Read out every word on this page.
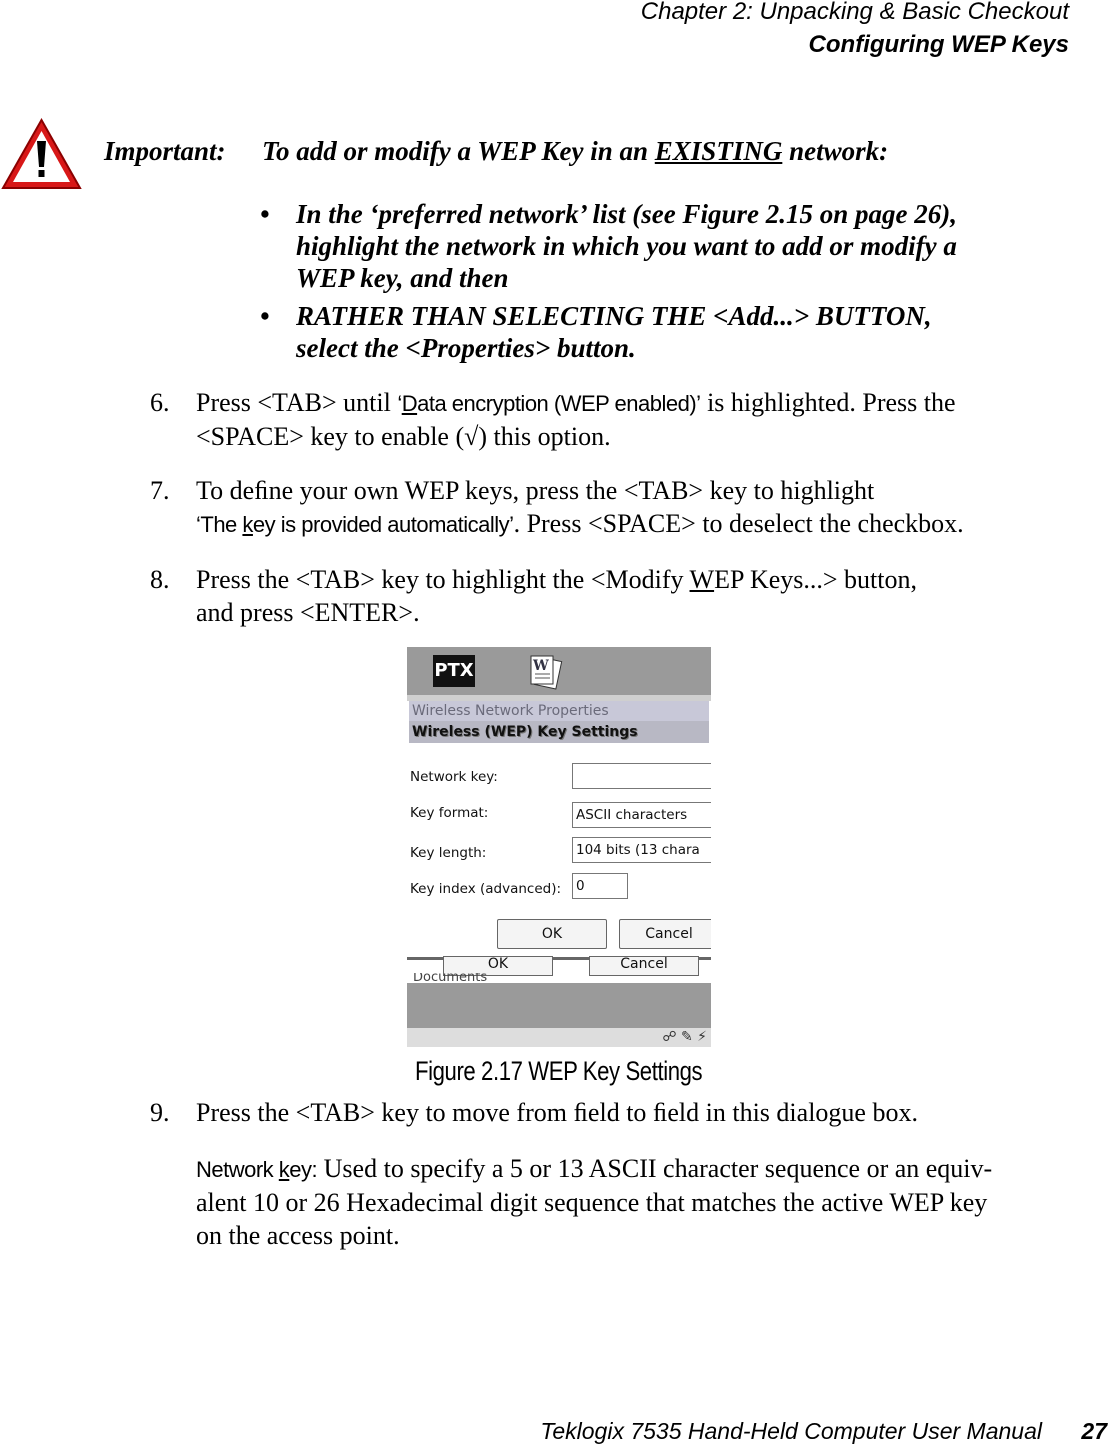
Chapter 2: Unpacking & Basic Checkout
Configuring WEP Keys
Important: To add or modify a WEP Key in an EXISTING network:
• In the ‘preferred network’ list (see Figure 2.15 on page 26),
highlight the network in which you want to add or modify a
WEP key, and then
• RATHER THAN SELECTING THE <Add...> BUTTON,
select the <Properties> button.
6. Press <TAB> until ‘Data encryption (WEP enabled)’ is highlighted. Press the
<SPACE> key to enable (√) this option.
7. To deﬁne your own WEP keys, press the <TAB> key to highlight
‘The key is provided automatically’. Press <SPACE> to deselect the checkbox.
8. Press the <TAB> key to highlight the <Modify WEP Keys...> button,
and press <ENTER>.
PTX	W
Wireless Network Properties
Wireless (WEP) Key Settings
Network key:
Key format:	ASCII characters
Key length:	104 bits (13 chara
Key index (advanced): 0
OK	Cancel
OK	Cancel
Documents
☍ ✎ ⚡
Figure 2.17 WEP Key Settings
9. Press the <TAB> key to move from ﬁeld to ﬁeld in this dialogue box.
Network key: Used to specify a 5 or 13 ASCII character sequence or an equiv-
alent 10 or 26 Hexadecimal digit sequence that matches the active WEP key
on the access point.
Teklogix 7535 Hand-Held Computer User Manual 27
